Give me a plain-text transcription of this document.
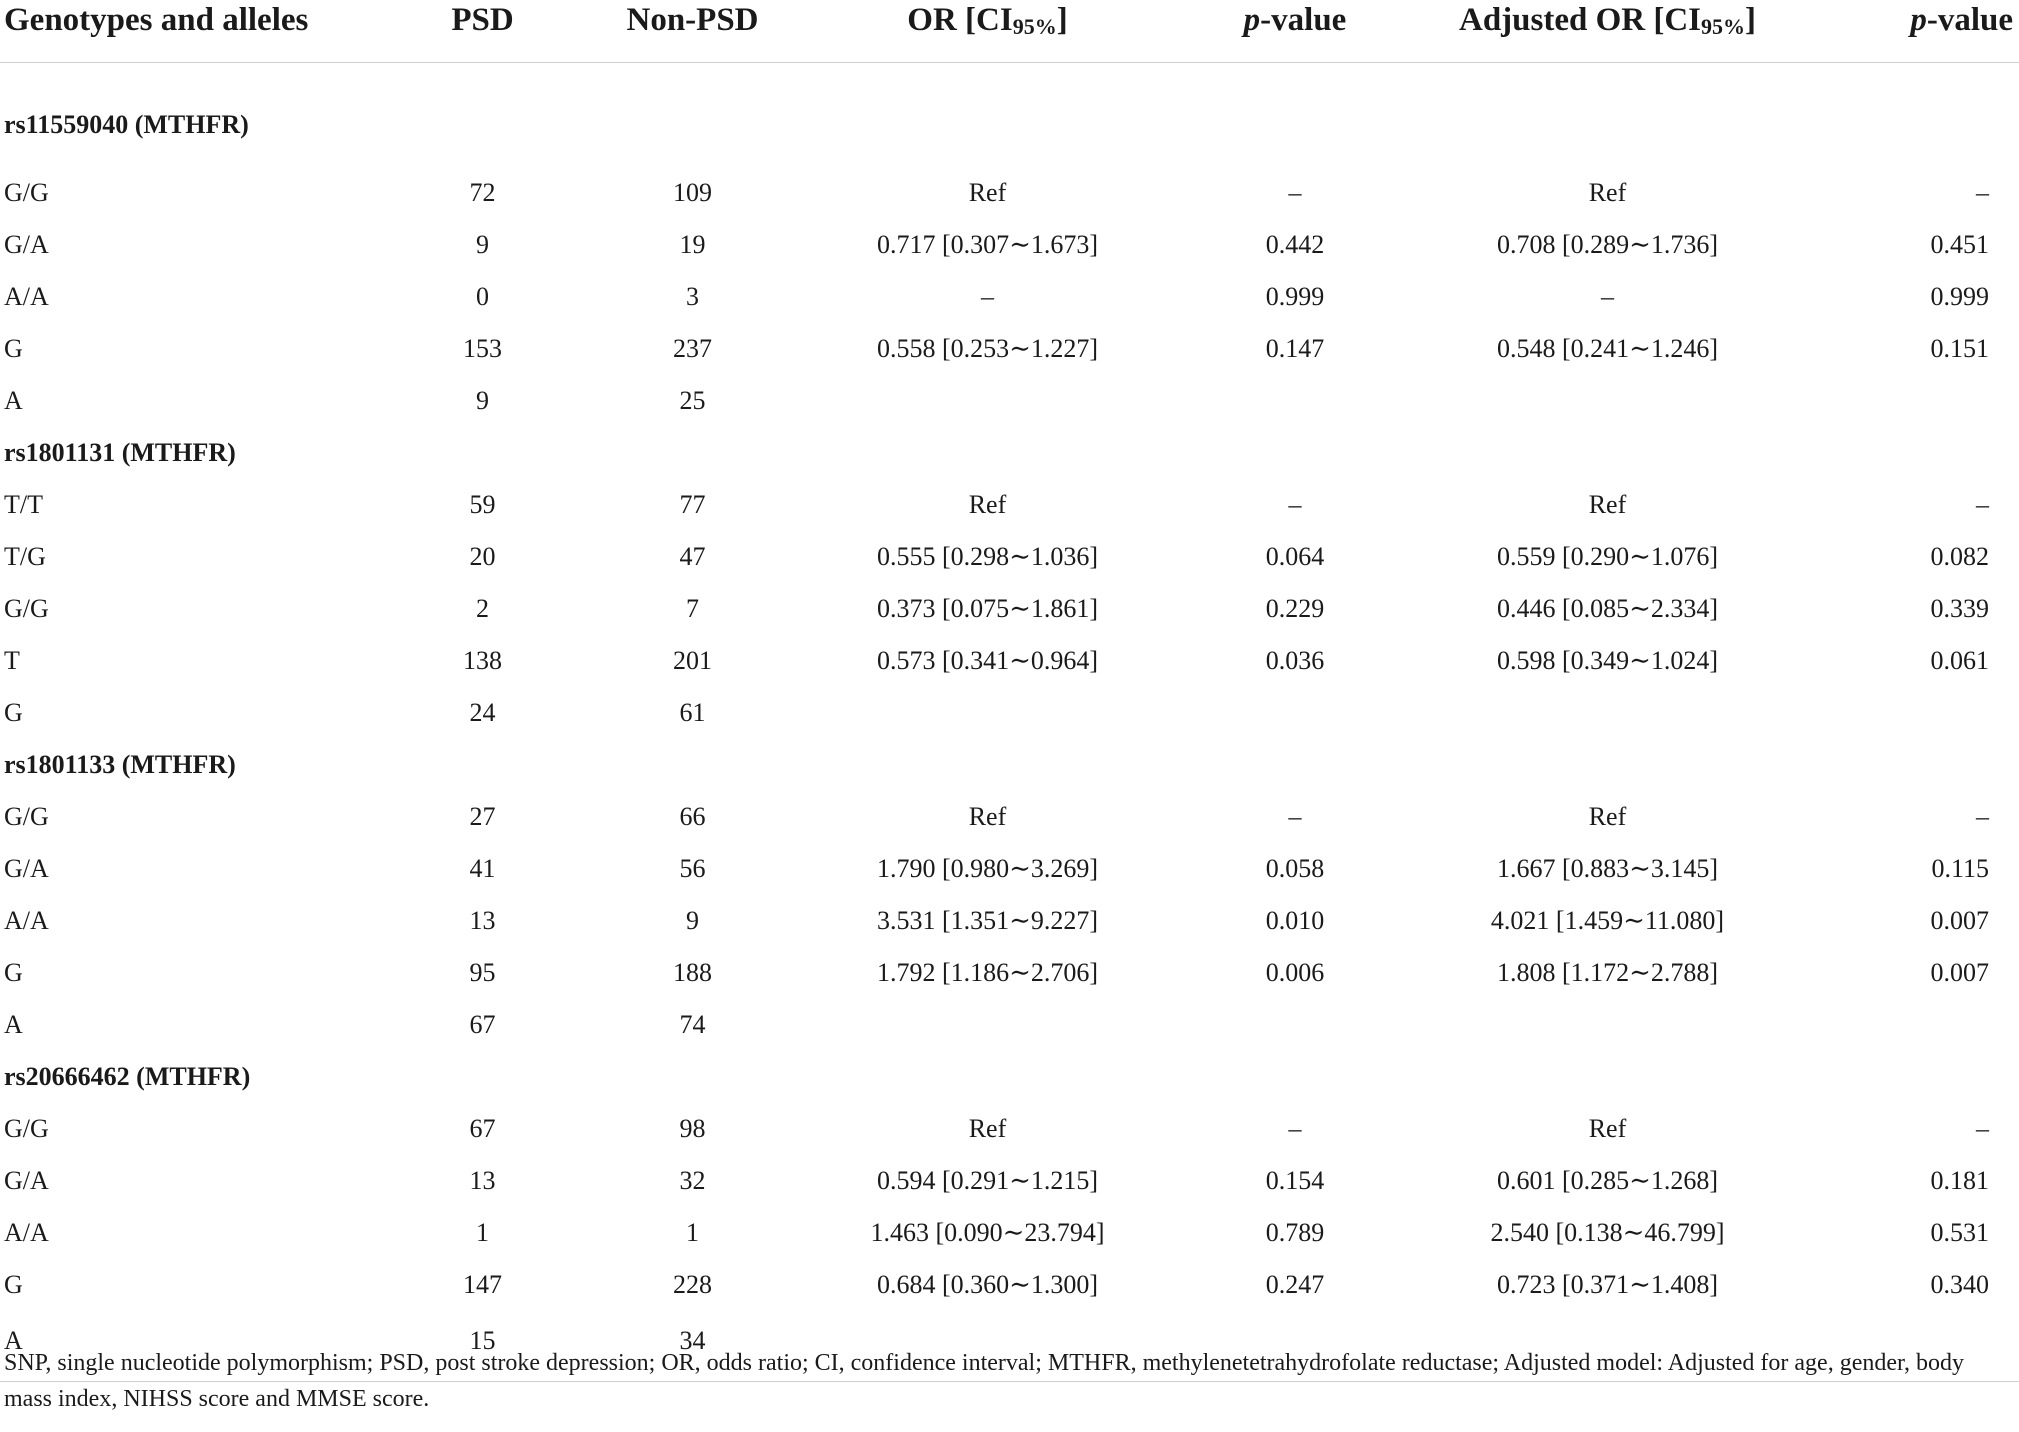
Genotypes and alleles	PSD	Non-PSD	OR [CI95%]	p-value	Adjusted OR [CI95%]	p-value
rs11559040 (MTHFR)						
G/G	72	109	Ref	–	Ref	–
G/A	9	19	0.717 [0.307∼1.673]	0.442	0.708 [0.289∼1.736]	0.451
A/A	0	3	–	0.999	–	0.999
G	153	237	0.558 [0.253∼1.227]	0.147	0.548 [0.241∼1.246]	0.151
A	9	25				
rs1801131 (MTHFR)						
T/T	59	77	Ref	–	Ref	–
T/G	20	47	0.555 [0.298∼1.036]	0.064	0.559 [0.290∼1.076]	0.082
G/G	2	7	0.373 [0.075∼1.861]	0.229	0.446 [0.085∼2.334]	0.339
T	138	201	0.573 [0.341∼0.964]	0.036	0.598 [0.349∼1.024]	0.061
G	24	61				
rs1801133 (MTHFR)						
G/G	27	66	Ref	–	Ref	–
G/A	41	56	1.790 [0.980∼3.269]	0.058	1.667 [0.883∼3.145]	0.115
A/A	13	9	3.531 [1.351∼9.227]	0.010	4.021 [1.459∼11.080]	0.007
G	95	188	1.792 [1.186∼2.706]	0.006	1.808 [1.172∼2.788]	0.007
A	67	74				
rs20666462 (MTHFR)						
G/G	67	98	Ref	–	Ref	–
G/A	13	32	0.594 [0.291∼1.215]	0.154	0.601 [0.285∼1.268]	0.181
A/A	1	1	1.463 [0.090∼23.794]	0.789	2.540 [0.138∼46.799]	0.531
G	147	228	0.684 [0.360∼1.300]	0.247	0.723 [0.371∼1.408]	0.340
A	15	34				
SNP, single nucleotide polymorphism; PSD, post stroke depression; OR, odds ratio; CI, confidence interval; MTHFR, methylenetetrahydrofolate reductase; Adjusted model: Adjusted for age, gender, body mass index, NIHSS score and MMSE score.
